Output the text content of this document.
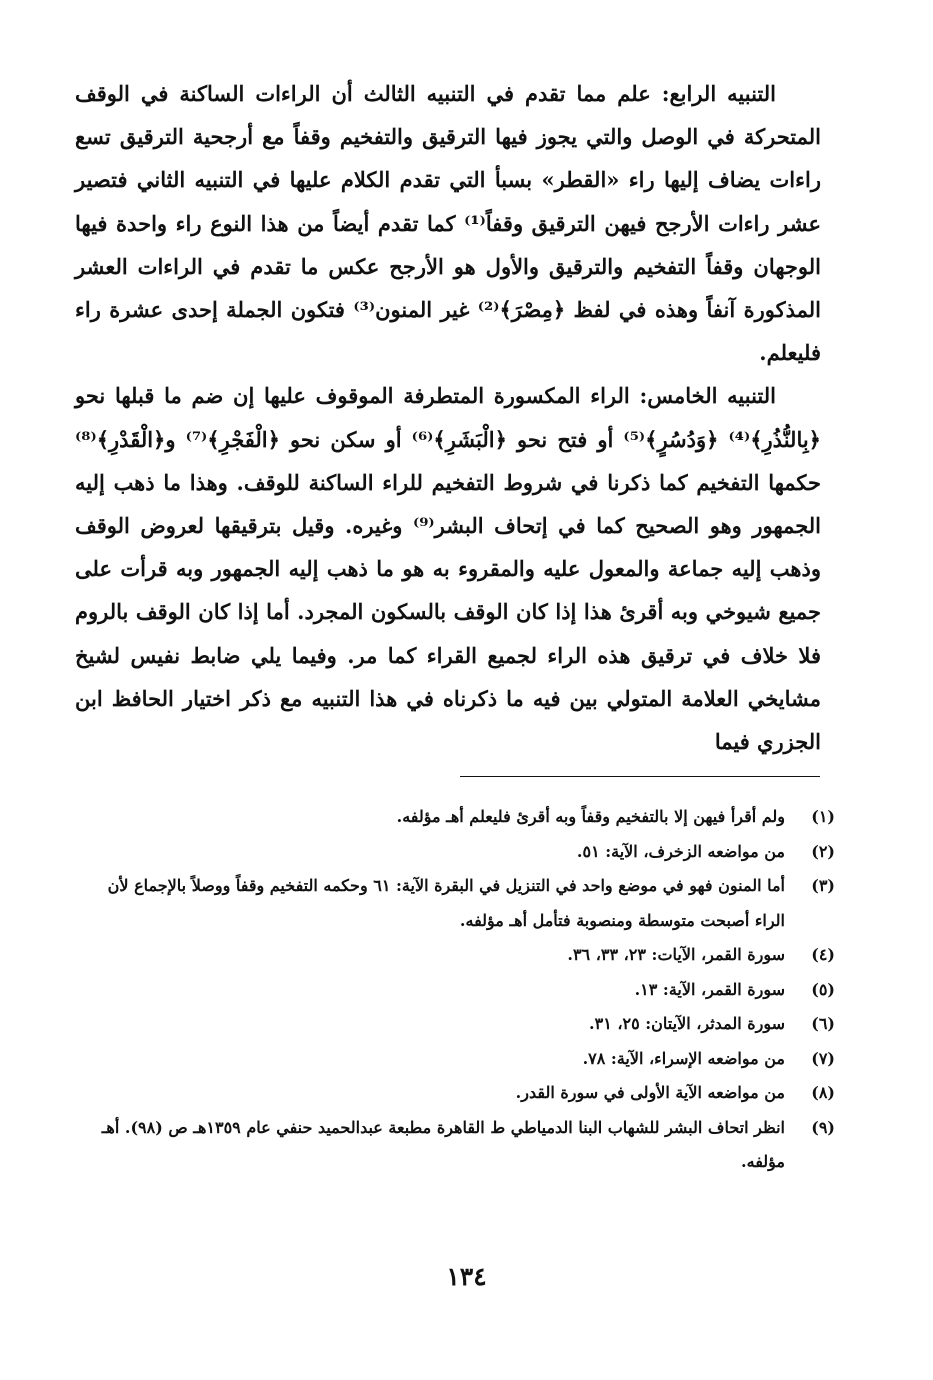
التنبيه الرابع: علم مما تقدم في التنبيه الثالث أن الراءات الساكنة في الوقف المتحركة في الوصل والتي يجوز فيها الترقيق والتفخيم وقفاً مع أرجحية الترقيق تسع راءات يضاف إليها راء «القطر» بسبأ التي تقدم الكلام عليها في التنبيه الثاني فتصير عشر راءات الأرجح فيهن الترقيق وقفاً⁽¹⁾ كما تقدم أيضاً من هذا النوع راء واحدة فيها الوجهان وقفاً التفخيم والترقيق والأول هو الأرجح عكس ما تقدم في الراءات العشر المذكورة آنفاً وهذه في لفظ ﴿مِصْرَ﴾⁽²⁾ غير المنون⁽³⁾ فتكون الجملة إحدى عشرة راء فليعلم.

التنبيه الخامس: الراء المكسورة المتطرفة الموقوف عليها إن ضم ما قبلها نحو ﴿بِالنُّذُرِ﴾⁽⁴⁾ ﴿وَدُسُرٍ﴾⁽⁵⁾ أو فتح نحو ﴿الْبَشَرِ﴾⁽⁶⁾ أو سكن نحو ﴿الْفَجْرِ﴾⁽⁷⁾ و﴿الْقَدْرِ﴾⁽⁸⁾ حكمها التفخيم كما ذكرنا في شروط التفخيم للراء الساكنة للوقف. وهذا ما ذهب إليه الجمهور وهو الصحيح كما في إتحاف البشر⁽⁹⁾ وغيره. وقيل بترقيقها لعروض الوقف وذهب إليه جماعة والمعول عليه والمقروء به هو ما ذهب إليه الجمهور وبه قرأت على جميع شيوخي وبه أقرئ هذا إذا كان الوقف بالسكون المجرد. أما إذا كان الوقف بالروم فلا خلاف في ترقيق هذه الراء لجميع القراء كما مر. وفيما يلي ضابط نفيس لشيخ مشايخي العلامة المتولي بين فيه ما ذكرناه في هذا التنبيه مع ذكر اختيار الحافظ ابن الجزري فيما

(١)
ولم أقرأ فيهن إلا بالتفخيم وقفاً وبه أقرئ فليعلم أهـ مؤلفه.
(٢)
من مواضعه الزخرف، الآية: ٥١.
(٣)
أما المنون فهو في موضع واحد في التنزيل في البقرة الآية: ٦١ وحكمه التفخيم وقفاً ووصلاً بالإجماع لأن الراء أصبحت متوسطة ومنصوبة فتأمل أهـ مؤلفه.
(٤)
سورة القمر، الآيات: ٢٣، ٣٣، ٣٦.
(٥)
سورة القمر، الآية: ١٣.
(٦)
سورة المدثر، الآيتان: ٢٥، ٣١.
(٧)
من مواضعه الإسراء، الآية: ٧٨.
(٨)
من مواضعه الآية الأولى في سورة القدر.
(٩)
انظر اتحاف البشر للشهاب البنا الدمياطي ط القاهرة مطبعة عبدالحميد حنفي عام ١٣٥٩هـ ص (٩٨). أهـ مؤلفه.
١٣٤
